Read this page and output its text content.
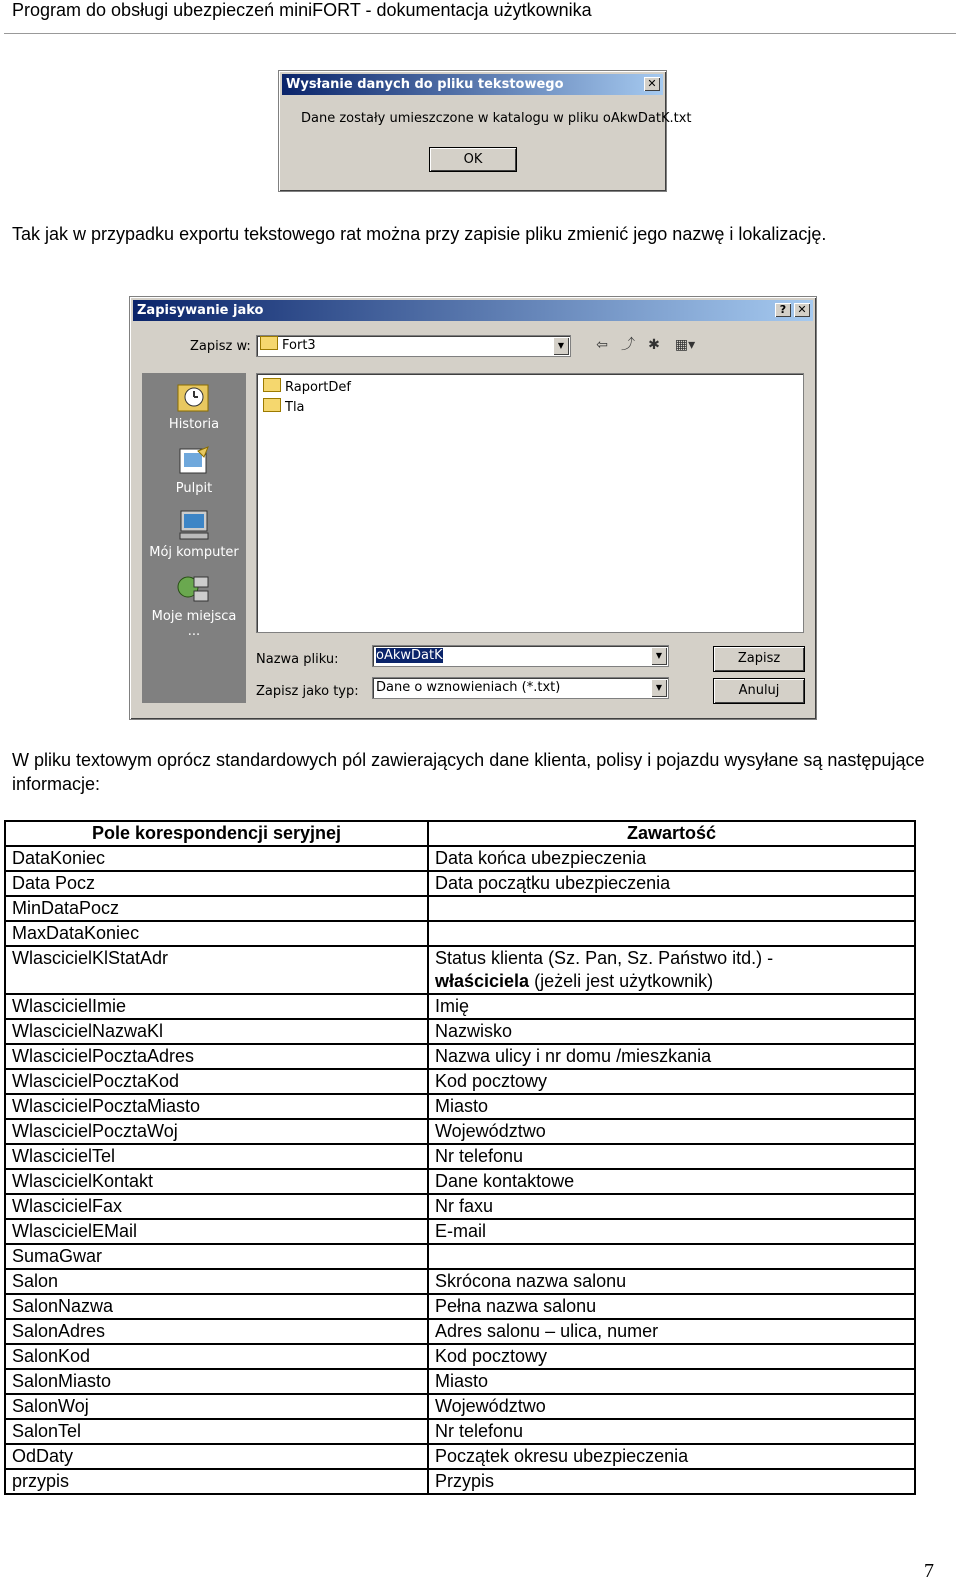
Program do obsługi ubezpieczeń miniFORT - dokumentacja użytkownika
Wysłanie danych do pliku tekstowego	✕
Dane zostały umieszczone w katalogu w pliku oAkwDatK.txt
OK
Tak jak w przypadku exportu tekstowego rat można przy zapisie pliku zmienić jego nazwę i lokalizację.
Zapisywanie jako	?	✕
Zapisz w:	Fort3	▼	⇦ ⤴ ✱	▦▾
Historia
Pulpit
Mój komputer
Moje miejsca ...
RaportDef
Tla
Nazwa pliku:	oAkwDatK	▼
Zapisz jako typ:	Dane o wznowieniach (*.txt)	▼
Zapisz
Anuluj
W pliku textowym oprócz standardowych pól zawierających dane klienta, polisy i pojazdu wysyłane są następujące informacje:
Pole korespondencji seryjnej	Zawartość
DataKoniec	Data końca ubezpieczenia
Data Pocz	Data początku ubezpieczenia
MinDataPocz	
MaxDataKoniec	
WlascicielKlStatAdr	Status klienta (Sz. Pan, Sz. Państwo itd.) -
właściciela (jeżeli jest użytkownik)

WlascicielImie	Imię
WlascicielNazwaKl	Nazwisko
WlascicielPocztaAdres	Nazwa ulicy i nr domu /mieszkania
WlascicielPocztaKod	Kod pocztowy
WlascicielPocztaMiasto	Miasto
WlascicielPocztaWoj	Województwo
WlascicielTel	Nr telefonu
WlascicielKontakt	Dane kontaktowe
WlascicielFax	Nr faxu
WlascicielEMail	E-mail
SumaGwar	
Salon	Skrócona nazwa salonu
SalonNazwa	Pełna nazwa salonu
SalonAdres	Adres salonu – ulica, numer
SalonKod	Kod pocztowy
SalonMiasto	Miasto
SalonWoj	Województwo
SalonTel	Nr telefonu
OdDaty	Początek okresu ubezpieczenia
przypis	Przypis
7
